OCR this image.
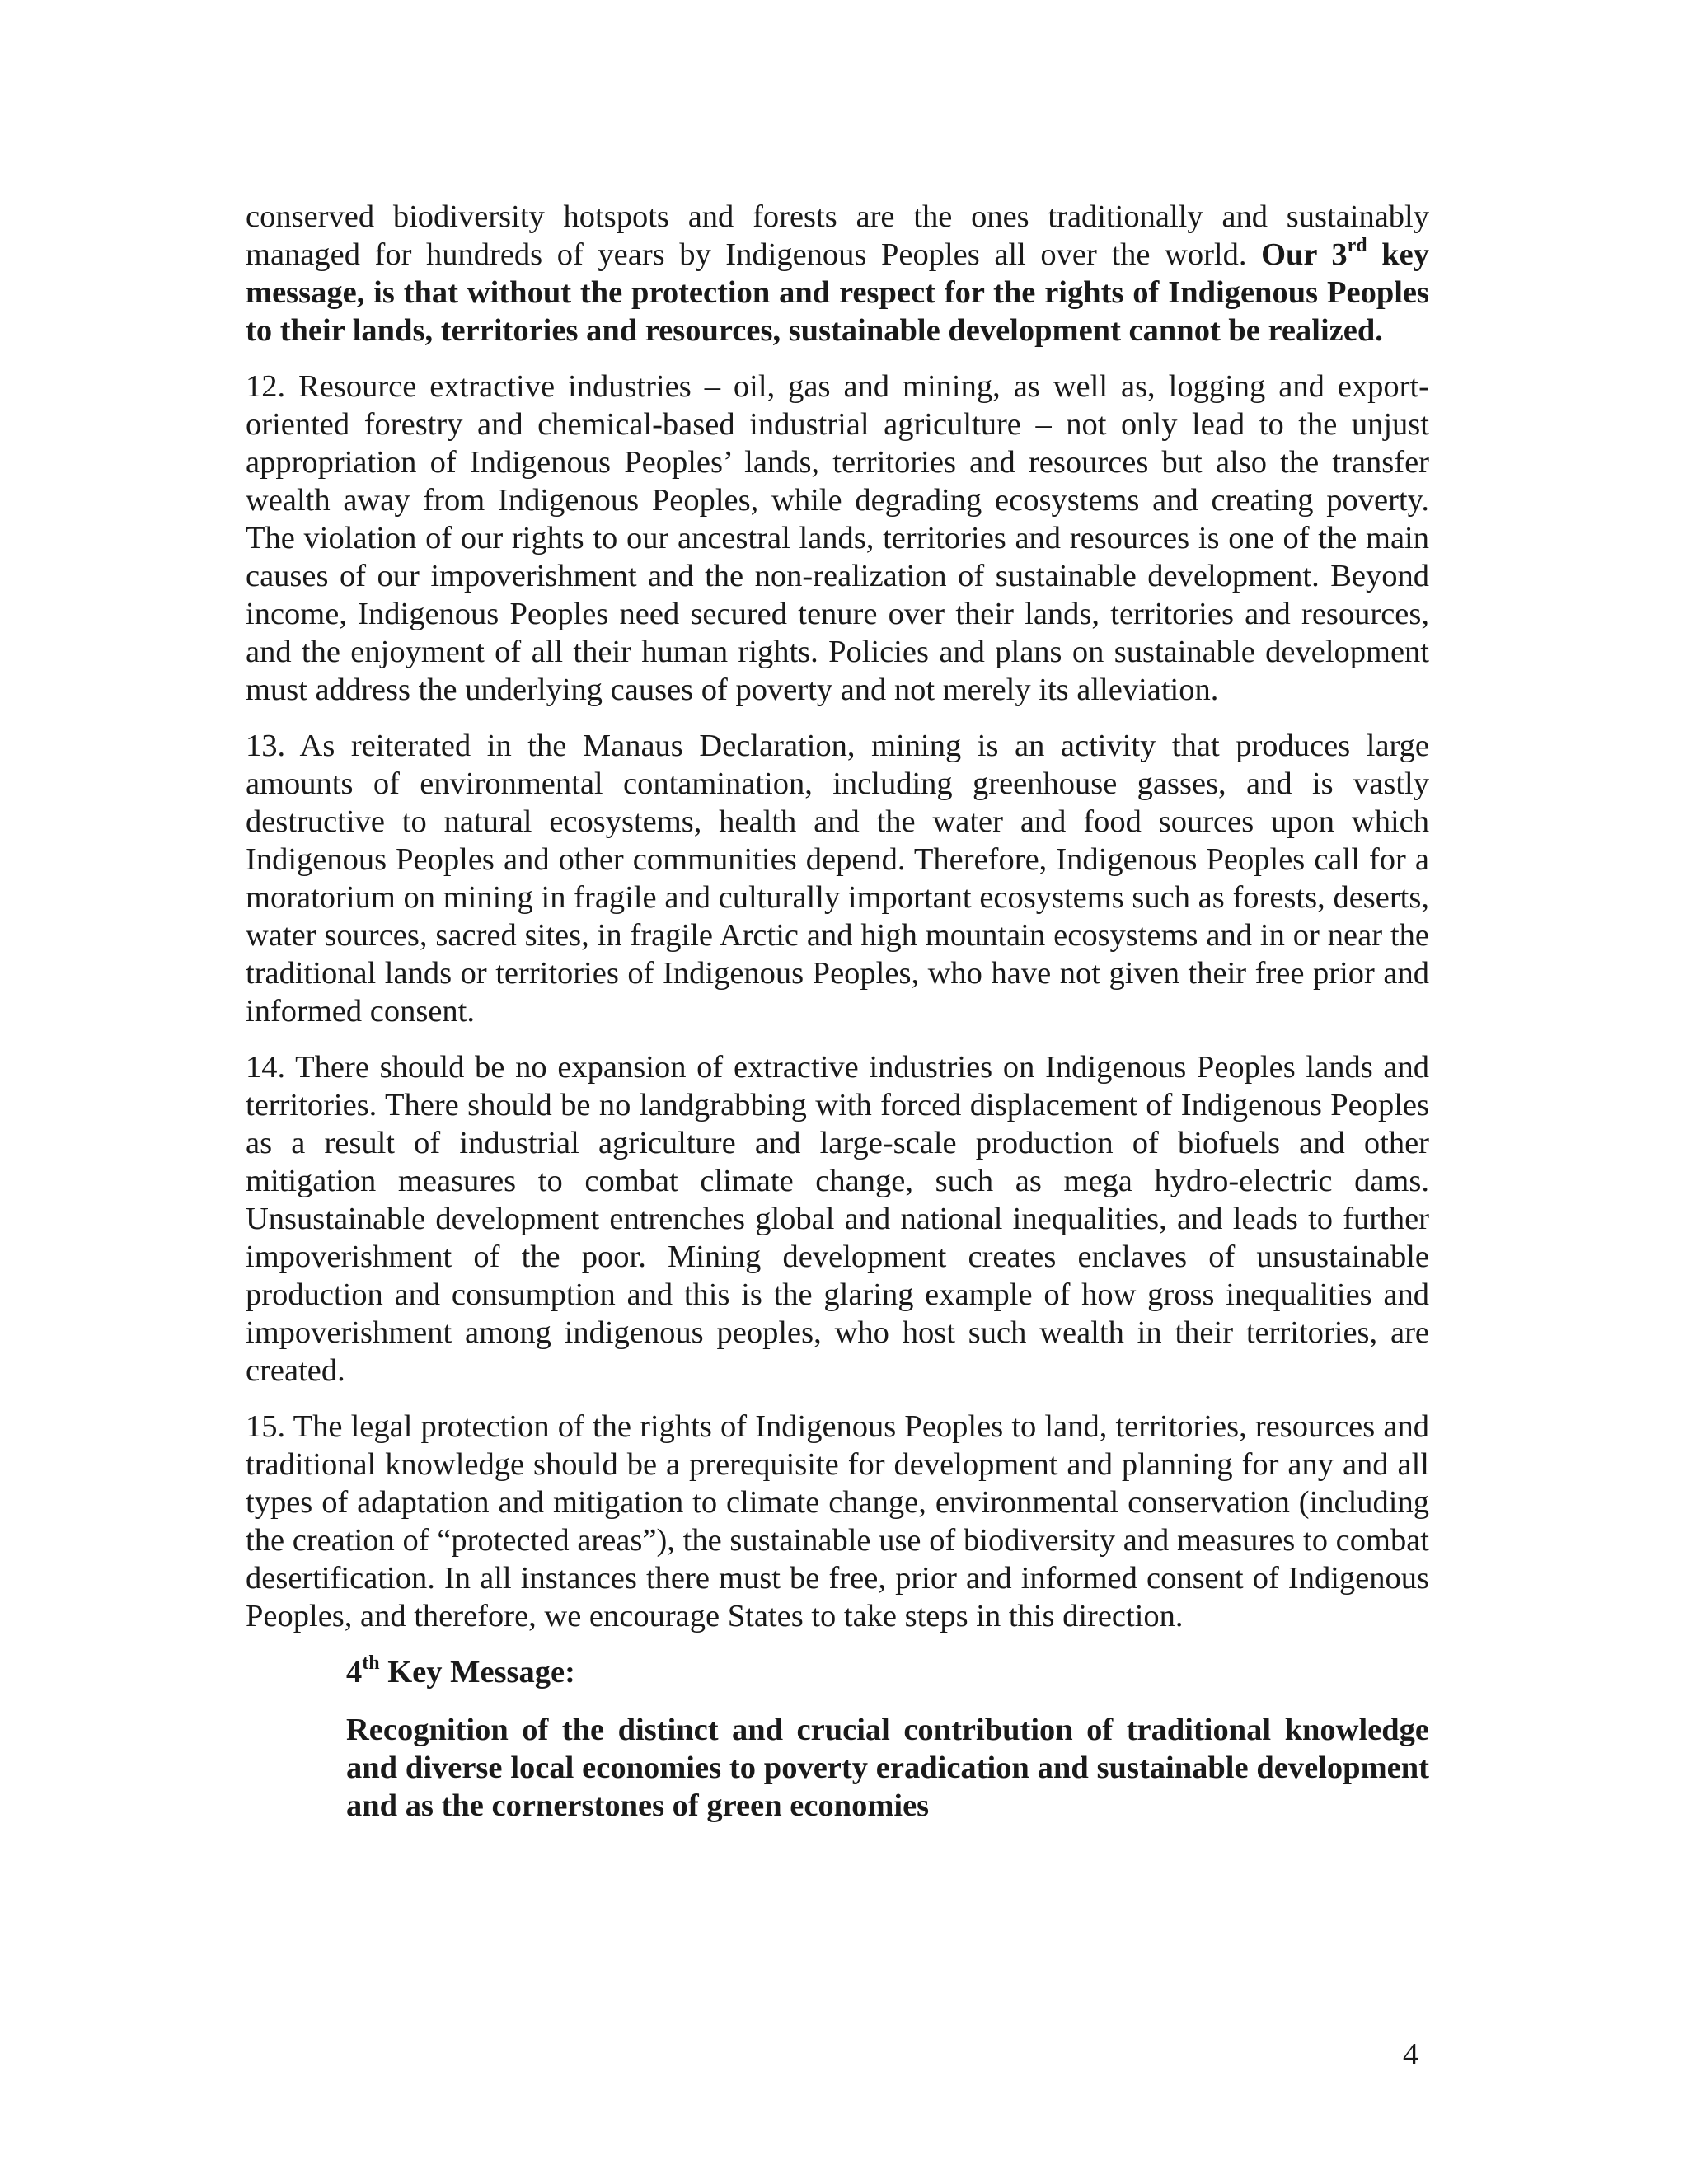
conserved biodiversity hotspots and forests are the ones traditionally and sustainably managed for hundreds of years by Indigenous Peoples all over the world. Our 3rd key message, is that without the protection and respect for the rights of Indigenous Peoples to their lands, territories and resources, sustainable development cannot be realized.

12. Resource extractive industries – oil, gas and mining, as well as, logging and export-oriented forestry and chemical-based industrial agriculture – not only lead to the unjust appropriation of Indigenous Peoples’ lands, territories and resources but also the transfer wealth away from Indigenous Peoples, while degrading ecosystems and creating poverty. The violation of our rights to our ancestral lands, territories and resources is one of the main causes of our impoverishment and the non-realization of sustainable development. Beyond income, Indigenous Peoples need secured tenure over their lands, territories and resources, and the enjoyment of all their human rights. Policies and plans on sustainable development must address the underlying causes of poverty and not merely its alleviation.

13. As reiterated in the Manaus Declaration, mining is an activity that produces large amounts of environmental contamination, including greenhouse gasses, and is vastly destructive to natural ecosystems, health and the water and food sources upon which Indigenous Peoples and other communities depend. Therefore, Indigenous Peoples call for a moratorium on mining in fragile and culturally important ecosystems such as forests, deserts, water sources, sacred sites, in fragile Arctic and high mountain ecosystems and in or near the traditional lands or territories of Indigenous Peoples, who have not given their free prior and informed consent.

14. There should be no expansion of extractive industries on Indigenous Peoples lands and territories. There should be no landgrabbing with forced displacement of Indigenous Peoples as a result of industrial agriculture and large-scale production of biofuels and other mitigation measures to combat climate change, such as mega hydro-electric dams. Unsustainable development entrenches global and national inequalities, and leads to further impoverishment of the poor. Mining development creates enclaves of unsustainable production and consumption and this is the glaring example of how gross inequalities and impoverishment among indigenous peoples, who host such wealth in their territories, are created.

15. The legal protection of the rights of Indigenous Peoples to land, territories, resources and traditional knowledge should be a prerequisite for development and planning for any and all types of adaptation and mitigation to climate change, environmental conservation (including the creation of “protected areas”), the sustainable use of biodiversity and measures to combat desertification. In all instances there must be free, prior and informed consent of Indigenous Peoples, and therefore, we encourage States to take steps in this direction.

4th Key Message:

Recognition of the distinct and crucial contribution of traditional knowledge and diverse local economies to poverty eradication and sustainable development and as the cornerstones of green economies

4
